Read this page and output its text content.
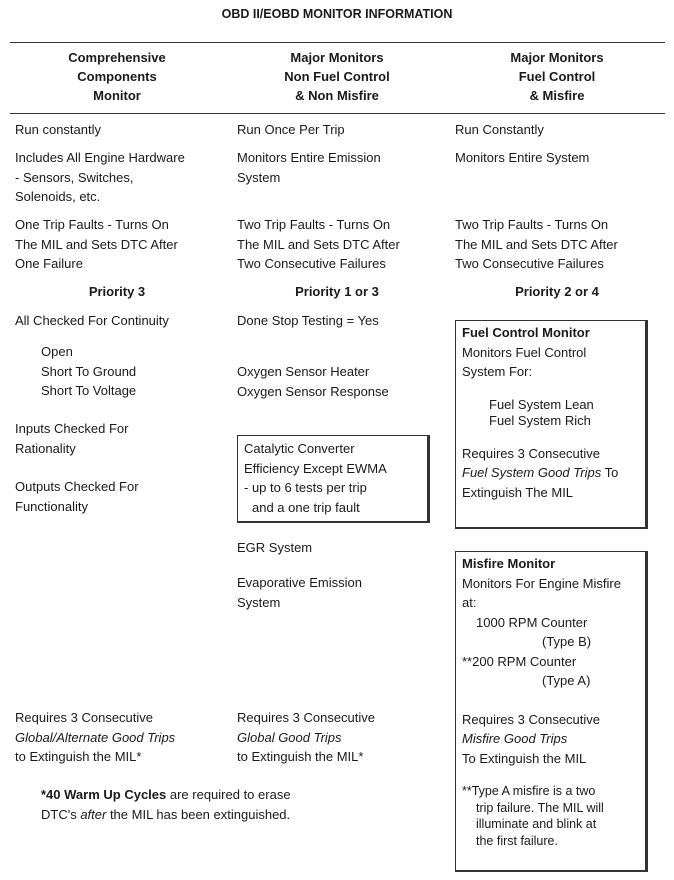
OBD II/EOBD MONITOR INFORMATION
Comprehensive
Components
Monitor
Major Monitors
Non Fuel Control
& Non Misfire
Major Monitors
Fuel Control
& Misfire
Run constantly
Includes All Engine Hardware
- Sensors, Switches,
Solenoids, etc.
One Trip Faults - Turns On
The MIL and Sets DTC After
One Failure
Priority 3
All Checked For Continuity
Open
Short To Ground
Short To Voltage
Inputs Checked For
Rationality
Outputs Checked For
Functionality
Requires 3 Consecutive
Global/Alternate Good Trips
to Extinguish the MIL*
*40 Warm Up Cycles are required to erase
DTC's after the MIL has been extinguished.
Run Once Per Trip
Monitors Entire Emission
System
Two Trip Faults - Turns On
The MIL and Sets DTC After
Two Consecutive Failures
Priority 1 or 3
Done Stop Testing = Yes
Oxygen Sensor Heater
Oxygen Sensor Response
Catalytic Converter
Efficiency Except EWMA
- up to 6 tests per trip
and a one trip fault
EGR System
Evaporative Emission
System
Requires 3 Consecutive
Global Good Trips
to Extinguish the MIL*
Run Constantly
Monitors Entire System
Two Trip Faults - Turns On
The MIL and Sets DTC After
Two Consecutive Failures
Priority 2 or 4
Fuel Control Monitor
Monitors Fuel Control
System For:
Fuel System Lean
Fuel System Rich
Requires 3 Consecutive
Fuel System Good Trips To
Extinguish The MIL
Misfire Monitor
Monitors For Engine Misfire
at:
1000 RPM Counter
(Type B)
**200 RPM Counter
(Type A)
Requires 3 Consecutive
Misfire Good Trips
To Extinguish the MIL
**Type A misfire is a two
trip failure. The MIL will
illuminate and blink at
the first failure.
